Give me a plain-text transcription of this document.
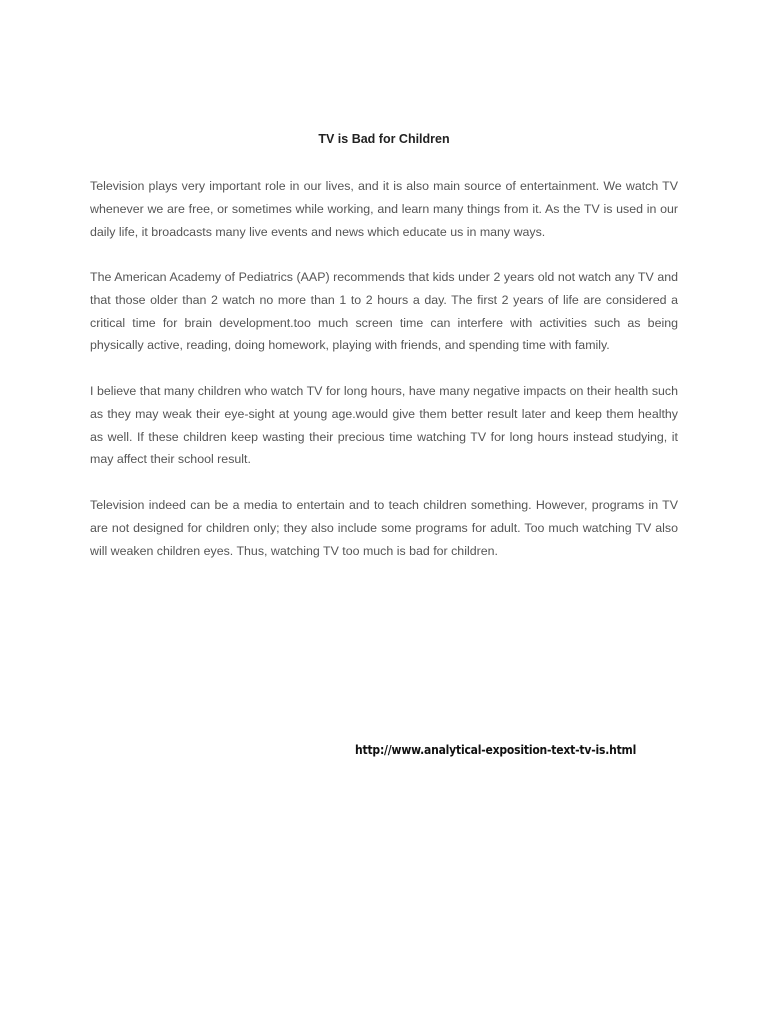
TV is Bad for Children

Television plays very important role in our lives, and it is also main source of entertainment. We watch TV whenever we are free, or sometimes while working, and learn many things from it. As the TV is used in our daily life, it broadcasts many live events and news which educate us in many ways.

The American Academy of Pediatrics (AAP) recommends that kids under 2 years old not watch any TV and that those older than 2 watch no more than 1 to 2 hours a day. The first 2 years of life are considered a critical time for brain development.too much screen time can interfere with activities such as being physically active, reading, doing homework, playing with friends, and spending time with family.

I believe that many children who watch TV for long hours, have many negative impacts on their health such as they may weak their eye-sight at young age.would give them better result later and keep them healthy as well. If these children keep wasting their precious time watching TV for long hours instead studying, it may affect their school result.

Television indeed can be a media to entertain and to teach children something. However, programs in TV are not designed for children only; they also include some programs for adult. Too much watching TV also will weaken children eyes. Thus, watching TV too much is bad for children.

http://www.analytical-exposition-text-tv-is.html
